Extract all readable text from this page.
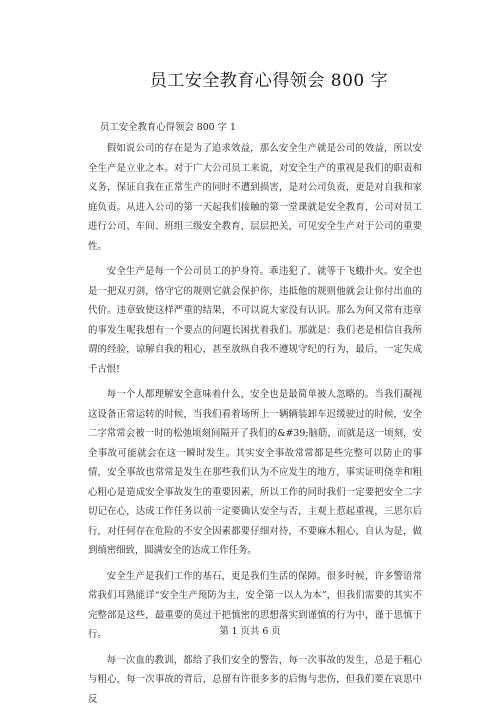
员工安全教育心得领会 800 字
员工安全教育心得领会 800 字 1

假如说公司的存在是为了追求效益，那么安全生产就是公司的效益，所以安全生产是立业之本。对于广大公司员工来说，对安全生产的重视是我们的职责和义务，保证自我在正常生产的同时不遭到损害，是对公司负责，更是对自我和家庭负责。从进入公司的第一天起我们接触的第一堂课就是安全教育，公司对员工进行公司、车间、班组三级安全教育，层层把关，可见安全生产对于公司的重要性。

安全生产是每一个公司员工的护身符。乖违犯了，就等于飞蛾扑火。安全也是一把双刃剑，恪守它的规则它就会保护你，违抵他的规则他就会让你付出血的代价。违章致使这样严重的结果，不可以说大家没有认识。那么为何又常有违章的事发生呢我想有一个要点的问题长困扰着我们。那就是：我们老是相信自我所谓的经验，谅解自我的粗心，甚至放纵自我不遵规守纪的行为，最后，一定失成千古恨!

每一个人都理解安全意味着什么，安全也是最简单被人忽略的。当我们凝视这设备正常运转的时候，当我们看着场所上一辆辆装卸车迟缓驶过的时候，安全二字常常会被一时的松弛顷刻间隔开了我们的&#39;脑筋，而就是这一顷刻，安全事故可能就会在这一瞬时发生。其实安全事故常常都是些完整可以防止的事情，安全事故也常常是发生在那些我们认为不应发生的地方，事实证明侥幸和粗心粗心是造成安全事故发生的重要因素，所以工作的同时我们一定要把安全二字切记在心，达成工作任务以前一定要确认安全与否，主观上惹起重视，三思尔后行，对任何存在危险的不安全因素都要仔细对待，不要麻木粗心，自认为是，做到缜密细致，圆满安全的达成工作任务。

安全生产是我们工作的基石，更是我们生活的保障。很多时候，许多警语常常我们耳熟能详“安全生产预防为主，安全第一以人为本”，但我们需要的其实不完整部是这些，最重要的莫过于把慎密的思想落实到谨慎的行为中，谨于思慎于行。

每一次血的教训，都给了我们安全的警告，每一次事故的发生，总是于粗心与粗心，每一次事故的背后，总留有许很多多的后悔与悲伤，但我们要在哀思中反

第 1 页共 6 页
